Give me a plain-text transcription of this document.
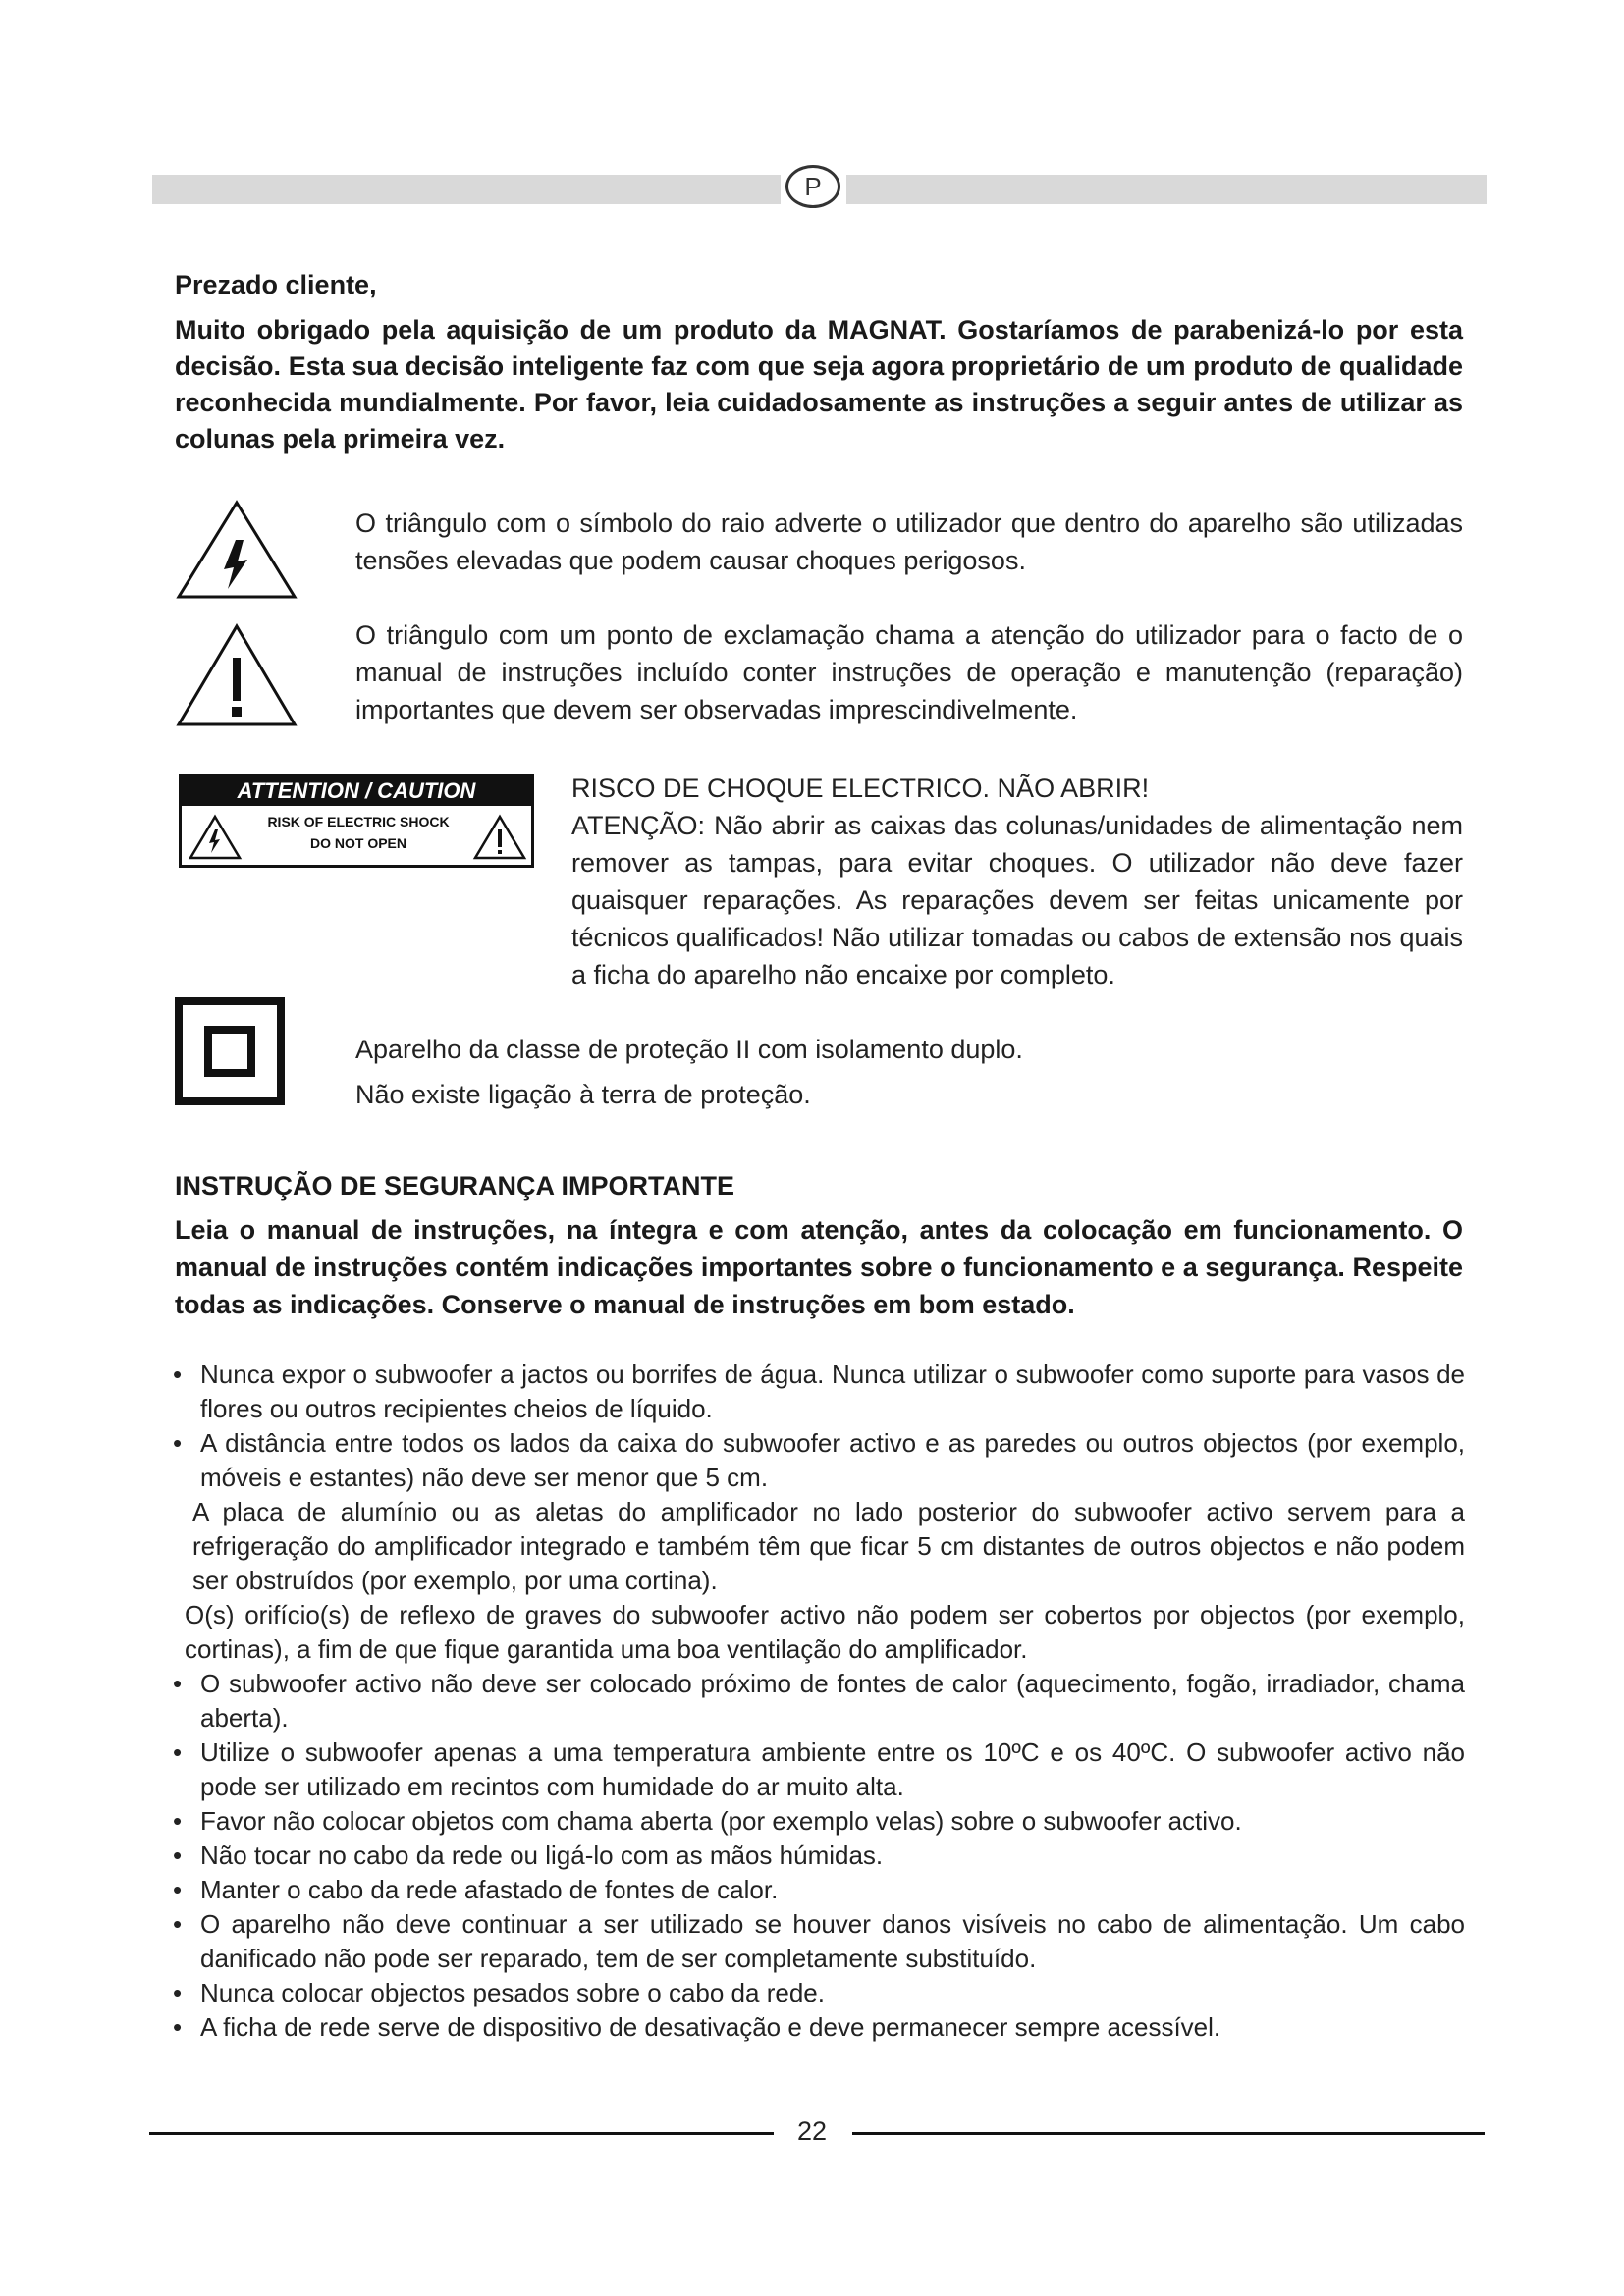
P
Prezado cliente,

Muito obrigado pela aquisição de um produto da MAGNAT. Gostaríamos de parabenizá-lo por esta decisão. Esta sua decisão inteligente faz com que seja agora proprietário de um produto de qualidade reconhecida mundialmente. Por favor, leia cuidadosamente as instruções a seguir antes de utilizar as colunas pela primeira vez.

O triângulo com o símbolo do raio adverte o utilizador que dentro do aparelho são utilizadas tensões elevadas que podem causar choques perigosos.

O triângulo com um ponto de exclamação chama a atenção do utilizador para o facto de o manual de instruções incluído conter instruções de operação e manutenção (reparação) importantes que devem ser observadas imprescindivelmente.

ATTENTION / CAUTION
RISK OF ELECTRIC SHOCK
DO NOT OPEN
RISCO DE CHOQUE ELECTRICO. NÃO ABRIR!

ATENÇÃO: Não abrir as caixas das colunas/unidades de alimentação nem remover as tampas, para evitar choques. O utilizador não deve fazer quaisquer reparações. As reparações devem ser feitas unicamente por técnicos qualificados! Não utilizar tomadas ou cabos de extensão nos quais a ficha do aparelho não encaixe por completo.

Aparelho da classe de proteção II com isolamento duplo.
Não existe ligação à terra de proteção.
INSTRUÇÃO DE SEGURANÇA IMPORTANTE

Leia o manual de instruções, na íntegra e com atenção, antes da colocação em funcionamento. O manual de instruções contém indicações importantes sobre o funcionamento e a segurança. Respeite todas as indicações. Conserve o manual de instruções em bom estado.

• Nunca expor o subwoofer a jactos ou borrifes de água. Nunca utilizar o subwoofer como suporte para vasos de flores ou outros recipientes cheios de líquido.
• A distância entre todos os lados da caixa do subwoofer activo e as paredes ou outros objectos (por exemplo, móveis e estantes) não deve ser menor que 5 cm.
A placa de alumínio ou as aletas do amplificador no lado posterior do subwoofer activo servem para a refrigeração do amplificador integrado e também têm que ficar 5 cm distantes de outros objectos e não podem ser obstruídos (por exemplo, por uma cortina).
O(s) orifício(s) de reflexo de graves do subwoofer activo não podem ser cobertos por objectos (por exemplo, cortinas), a fim de que fique garantida uma boa ventilação do amplificador.
• O subwoofer activo não deve ser colocado próximo de fontes de calor (aquecimento, fogão, irradiador, chama aberta).
• Utilize o subwoofer apenas a uma temperatura ambiente entre os 10ºC e os 40ºC. O subwoofer activo não pode ser utilizado em recintos com humidade do ar muito alta.
• Favor não colocar objetos com chama aberta (por exemplo velas) sobre o subwoofer activo.
• Não tocar no cabo da rede ou ligá-lo com as mãos húmidas.
• Manter o cabo da rede afastado de fontes de calor.
• O aparelho não deve continuar a ser utilizado se houver danos visíveis no cabo de alimentação. Um cabo danificado não pode ser reparado, tem de ser completamente substituído.
• Nunca colocar objectos pesados sobre o cabo da rede.
• A ficha de rede serve de dispositivo de desativação e deve permanecer sempre acessível.
22
